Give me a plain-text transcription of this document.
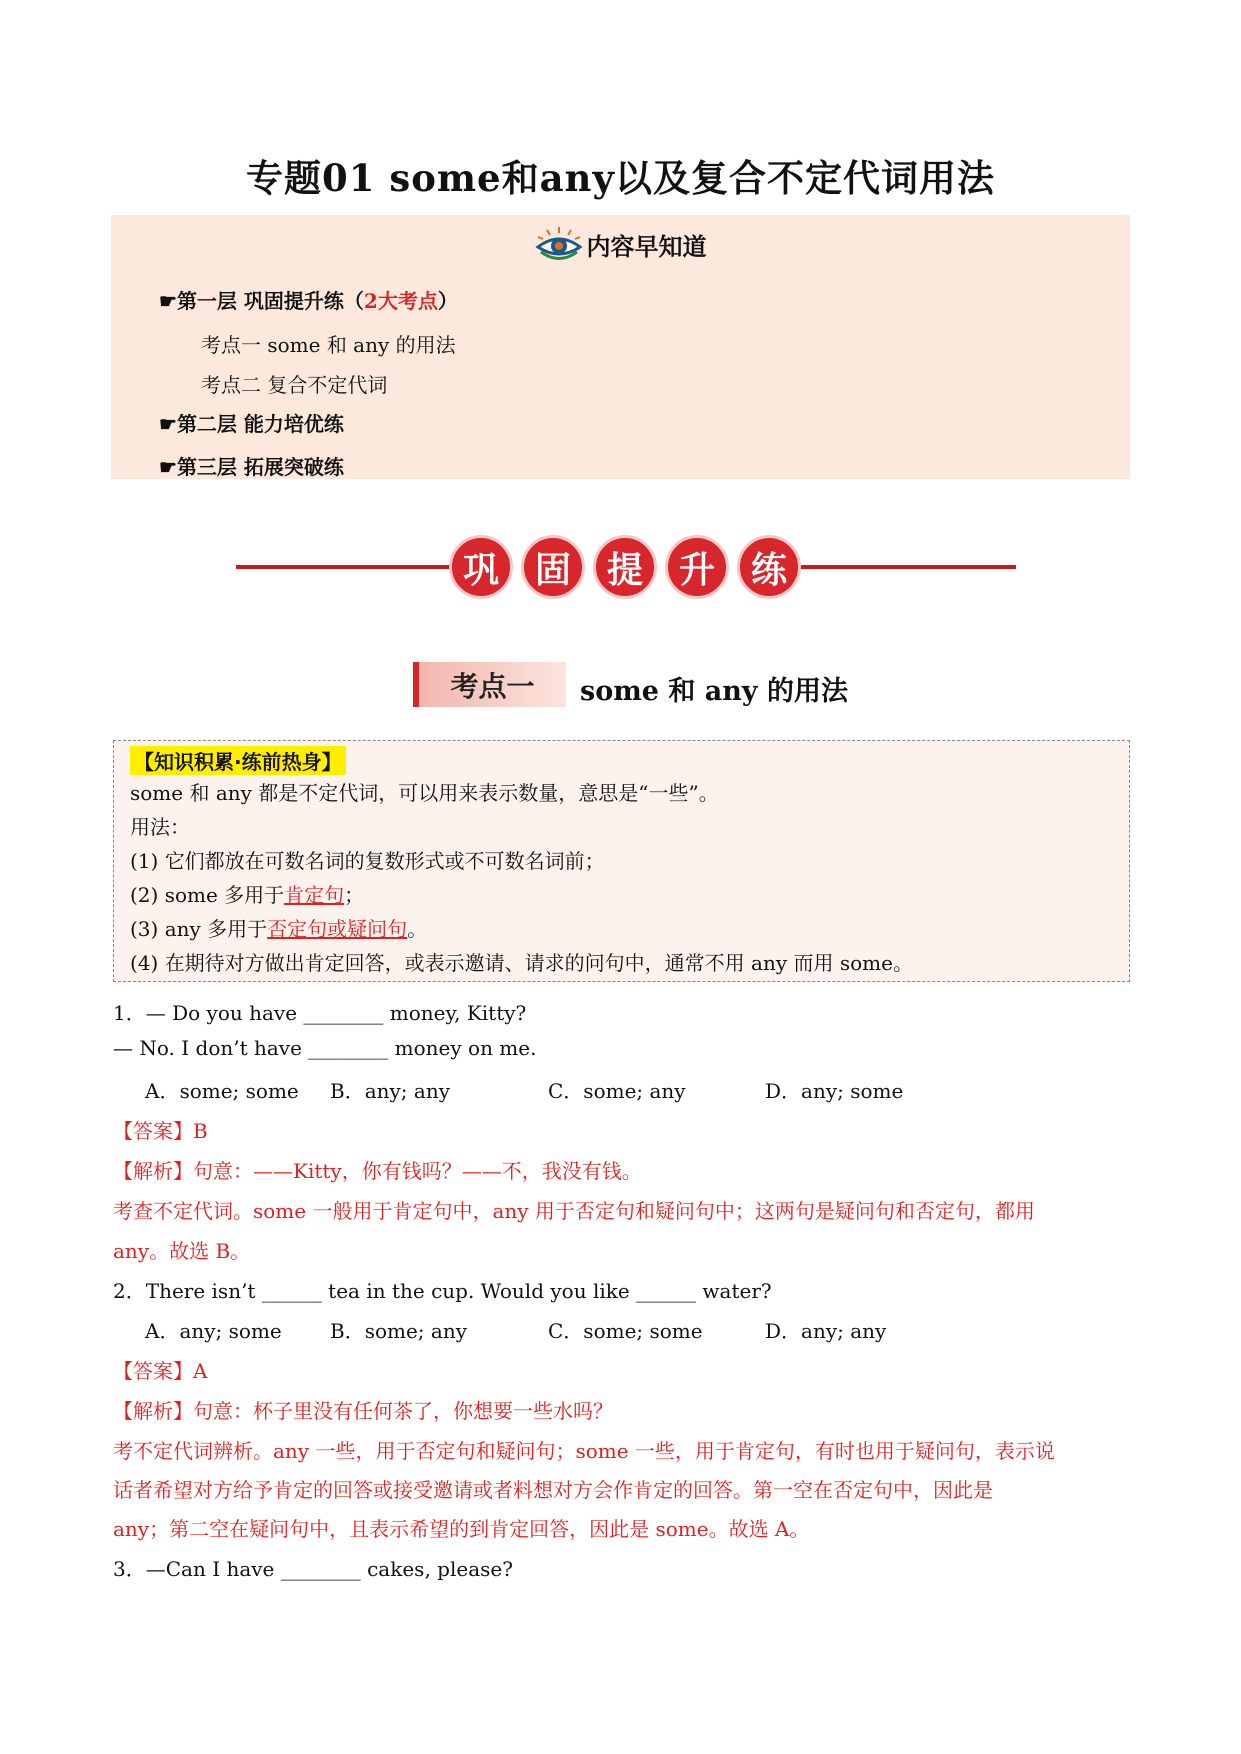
专题01 some和any以及复合不定代词用法
内容早知道
☛第一层 巩固提升练（2大考点）
考点一 some 和 any 的用法
考点二 复合不定代词
☛第二层 能力培优练
☛第三层 拓展突破练
巩 固 提 升 练
考点一	some 和 any 的用法
【知识积累·练前热身】
some 和 any 都是不定代词，可以用来表示数量，意思是“一些”。
用法：
(1) 它们都放在可数名词的复数形式或不可数名词前；
(2) some 多用于肯定句；
(3) any 多用于否定句或疑问句。
(4) 在期待对方做出肯定回答，或表示邀请、请求的问句中，通常不用 any 而用 some。
1．— Do you have ________ money, Kitty?
— No. I don’t have ________ money on me.
A．some; some B．any; any	C．some; any	D．any; some
【答案】B
【解析】句意：——Kitty，你有钱吗？——不，我没有钱。
考查不定代词。some 一般用于肯定句中，any 用于否定句和疑问句中；这两句是疑问句和否定句，都用
any。故选 B。
2．There isn’t ______ tea in the cup. Would you like ______ water?
A．any; some B．some; any	C．some; some	D．any; any
【答案】A
【解析】句意：杯子里没有任何茶了，你想要一些水吗？
考不定代词辨析。any 一些，用于否定句和疑问句；some 一些，用于肯定句，有时也用于疑问句，表示说
话者希望对方给予肯定的回答或接受邀请或者料想对方会作肯定的回答。第一空在否定句中，因此是
any；第二空在疑问句中，且表示希望的到肯定回答，因此是 some。故选 A。
3．—Can I have ________ cakes, please?
